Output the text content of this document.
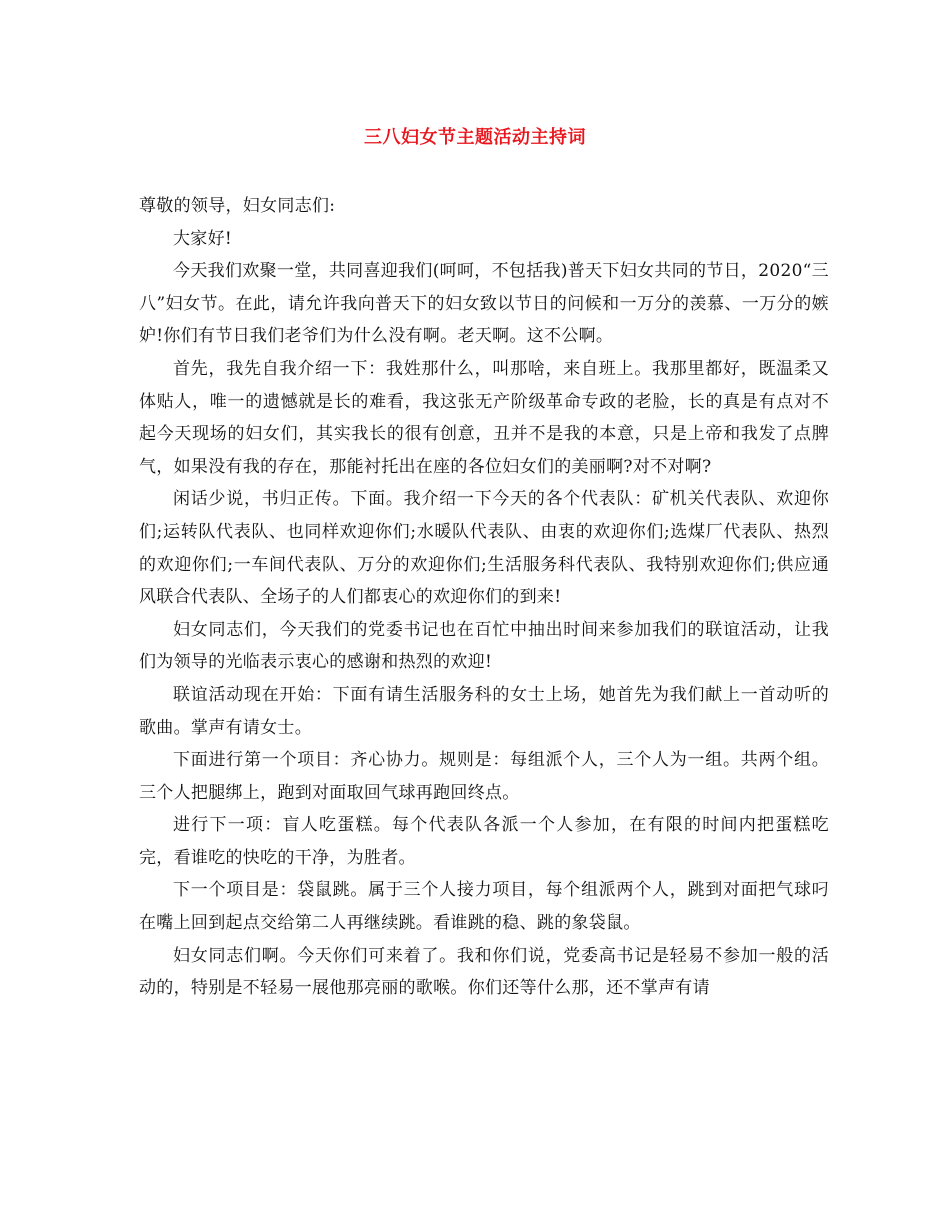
三八妇女节主题活动主持词

尊敬的领导，妇女同志们:

大家好!

今天我们欢聚一堂，共同喜迎我们(呵呵，不包括我)普天下妇女共同的节日，2020“三八”妇女节。在此，请允许我向普天下的妇女致以节日的问候和一万分的羡慕、一万分的嫉妒!你们有节日我们老爷们为什么没有啊。老天啊。这不公啊。

首先，我先自我介绍一下：我姓那什么，叫那啥，来自班上。我那里都好，既温柔又体贴人，唯一的遗憾就是长的难看，我这张无产阶级革命专政的老脸，长的真是有点对不起今天现场的妇女们，其实我长的很有创意，丑并不是我的本意，只是上帝和我发了点脾气，如果没有我的存在，那能衬托出在座的各位妇女们的美丽啊?对不对啊?

闲话少说，书归正传。下面。我介绍一下今天的各个代表队：矿机关代表队、欢迎你们;运转队代表队、也同样欢迎你们;水暖队代表队、由衷的欢迎你们;选煤厂代表队、热烈的欢迎你们;一车间代表队、万分的欢迎你们;生活服务科代表队、我特别欢迎你们;供应通风联合代表队、全场子的人们都衷心的欢迎你们的到来!

妇女同志们，今天我们的党委书记也在百忙中抽出时间来参加我们的联谊活动，让我们为领导的光临表示衷心的感谢和热烈的欢迎!

联谊活动现在开始：下面有请生活服务科的女士上场，她首先为我们献上一首动听的歌曲。掌声有请女士。

下面进行第一个项目：齐心协力。规则是：每组派个人，三个人为一组。共两个组。三个人把腿绑上，跑到对面取回气球再跑回终点。

进行下一项：盲人吃蛋糕。每个代表队各派一个人参加，在有限的时间内把蛋糕吃完，看谁吃的快吃的干净，为胜者。

下一个项目是：袋鼠跳。属于三个人接力项目，每个组派两个人，跳到对面把气球叼在嘴上回到起点交给第二人再继续跳。看谁跳的稳、跳的象袋鼠。

妇女同志们啊。今天你们可来着了。我和你们说，党委高书记是轻易不参加一般的活动的，特别是不轻易一展他那亮丽的歌喉。你们还等什么那，还不掌声有请
